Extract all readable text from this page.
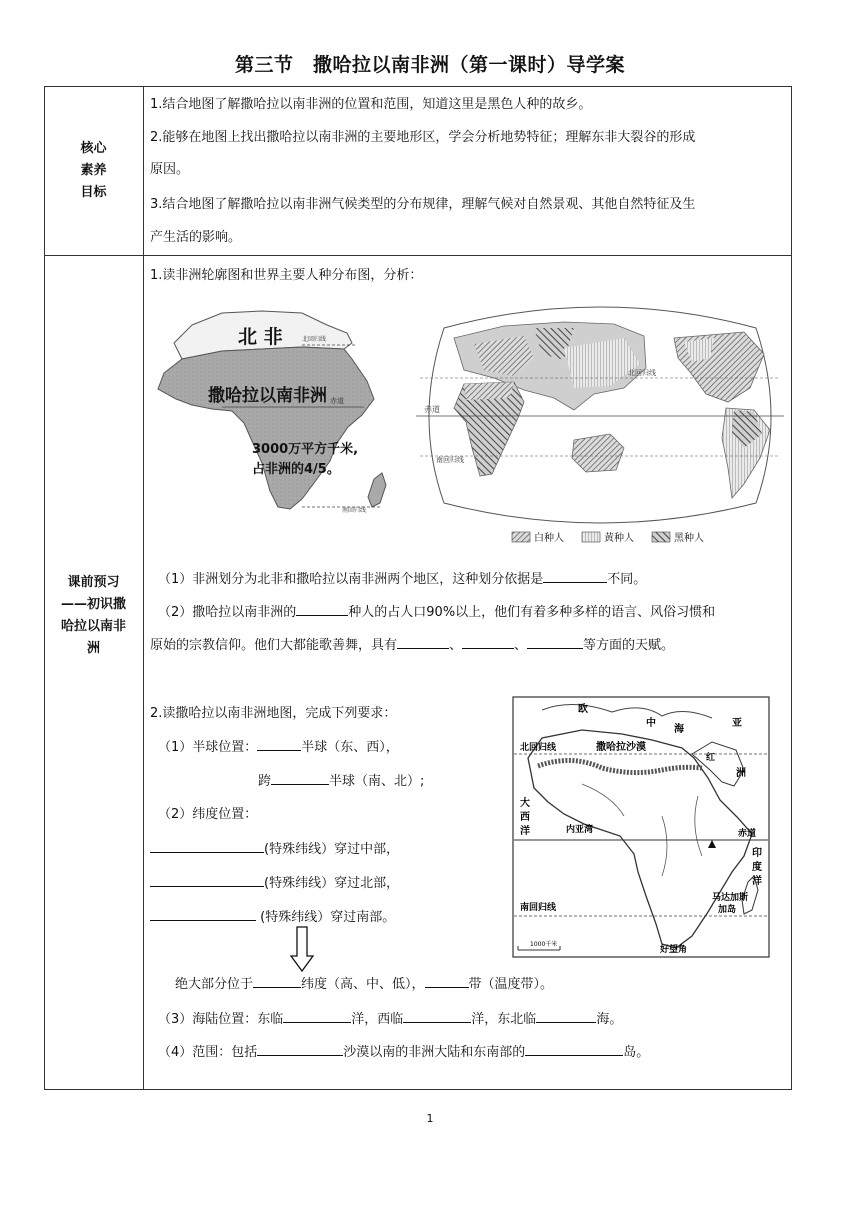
第三节　撒哈拉以南非洲（第一课时）导学案
核心
素养
目标
1.结合地图了解撒哈拉以南非洲的位置和范围，知道这里是黑色人种的故乡。
2.能够在地图上找出撒哈拉以南非洲的主要地形区，学会分析地势特征；理解东非大裂谷的形成
原因。
3.结合地图了解撒哈拉以南非洲气候类型的分布规律，理解气候对自然景观、其他自然特征及生
产生活的影响。
课前预习
——初识撒
哈拉以南非
洲
1.读非洲轮廓图和世界主要人种分布图，分析：
北回归线
赤道
南回归线
北 非
撒哈拉以南非洲
3000万平方千米,
占非洲的4/5。
北回归线
赤道
南回归线
白种人	黄种人	黑种人
（1）非洲划分为北非和撒哈拉以南非洲两个地区，这种划分依据是	不同。
（2）撒哈拉以南非洲的	种人的占人口90%以上，他们有着多种多样的语言、风俗习惯和
原始的宗教信仰。他们大都能歌善舞，具有	、	、	等方面的天赋。
2.读撒哈拉以南非洲地图，完成下列要求：
（1）半球位置：	半球（东、西），
跨	半球（南、北）;
（2）纬度位置：
(特殊纬线）穿过中部，
(特殊纬线）穿过北部，
(特殊纬线）穿过南部。
绝大部分位于	纬度（高、中、低），	带（温度带）。
（3）海陆位置：东临	洋，西临	洋，东北临	海。
（4）范围：包括	沙漠以南的非洲大陆和东南部的	岛。
欧
亚
洲
中
海
北回归线	撒哈拉沙漠
红
大
西
洋	内亚湾	赤道
印
度
洋
马达加斯
加岛
南回归线
好望角
1000千米
1
